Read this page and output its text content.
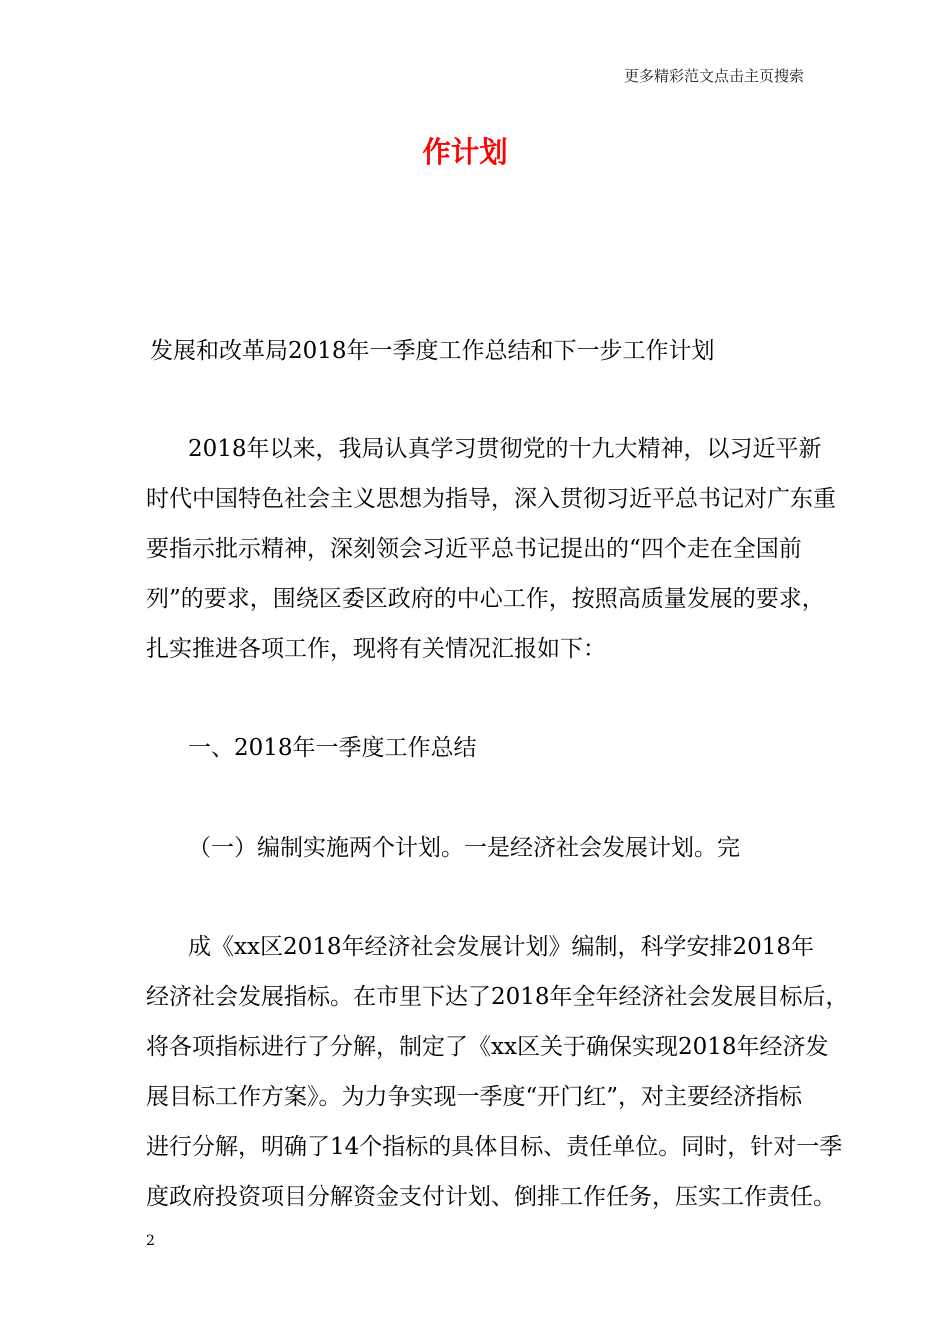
更多精彩范文点击主页搜索
作计划
发展和改革局2018年一季度工作总结和下一步工作计划
2018年以来，我局认真学习贯彻党的十九大精神，以习近平新
时代中国特色社会主义思想为指导，深入贯彻习近平总书记对广东重
要指示批示精神，深刻领会习近平总书记提出的“四个走在全国前
列”的要求，围绕区委区政府的中心工作，按照高质量发展的要求，
扎实推进各项工作，现将有关情况汇报如下：
一、2018年一季度工作总结
（一）编制实施两个计划。一是经济社会发展计划。完
成《xx区2018年经济社会发展计划》编制，科学安排2018年
经济社会发展指标。在市里下达了2018年全年经济社会发展目标后，
将各项指标进行了分解，制定了《xx区关于确保实现2018年经济发
展目标工作方案》。为力争实现一季度“开门红”，对主要经济指标
进行分解，明确了14个指标的具体目标、责任单位。同时，针对一季
度政府投资项目分解资金支付计划、倒排工作任务，压实工作责任。
2
